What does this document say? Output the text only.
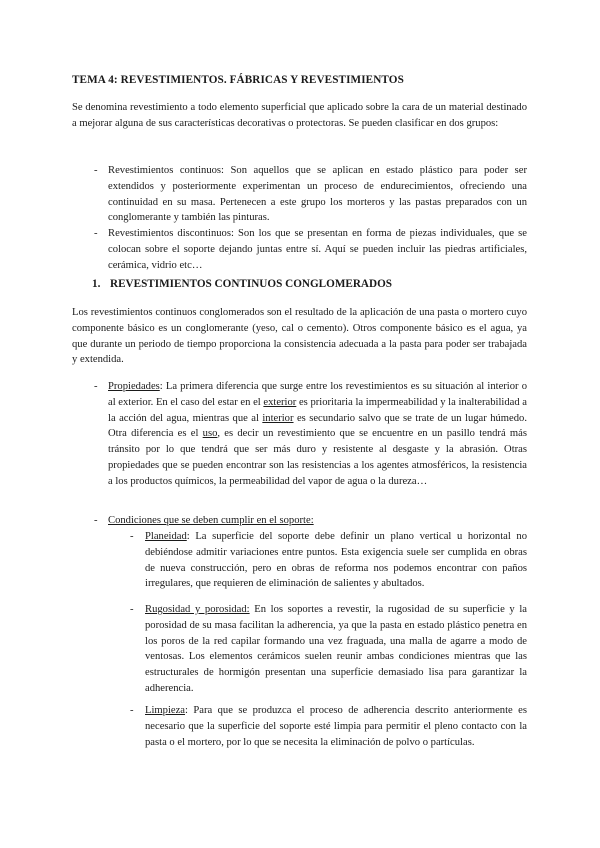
TEMA 4: REVESTIMIENTOS. FÁBRICAS Y REVESTIMIENTOS

Se denomina revestimiento a todo elemento superficial que aplicado sobre la cara de un material destinado a mejorar alguna de sus características decorativas o protectoras. Se pueden clasificar en dos grupos:

- Revestimientos continuos: Son aquellos que se aplican en estado plástico para poder ser extendidos y posteriormente experimentan un proceso de endurecimientos, ofreciendo una continuidad en su masa. Pertenecen a este grupo los morteros y las pastas preparados con un conglomerante y también las pinturas.

- Revestimientos discontinuos: Son los que se presentan en forma de piezas individuales, que se colocan sobre el soporte dejando juntas entre sí. Aquí se pueden incluir las piedras artificiales, cerámica, vidrio etc…

1. REVESTIMIENTOS CONTINUOS CONGLOMERADOS

Los revestimientos continuos conglomerados son el resultado de la aplicación de una pasta o mortero cuyo componente básico es un conglomerante (yeso, cal o cemento). Otros componente básico es el agua, ya que durante un periodo de tiempo proporciona la consistencia adecuada a la pasta para poder ser trabajada y extendida.

- Propiedades: La primera diferencia que surge entre los revestimientos es su situación al interior o al exterior. En el caso del estar en el exterior es prioritaria la impermeabilidad y la inalterabilidad a la acción del agua, mientras que al interior es secundario salvo que se trate de un lugar húmedo. Otra diferencia es el uso, es decir un revestimiento que se encuentre en un pasillo tendrá más tránsito por lo que tendrá que ser más duro y resistente al desgaste y la abrasión. Otras propiedades que se pueden encontrar son las resistencias a los agentes atmosféricos, la resistencia a los productos químicos, la permeabilidad del vapor de agua o la dureza…

- Condiciones que se deben cumplir en el soporte:

- Planeidad: La superficie del soporte debe definir un plano vertical u horizontal no debiéndose admitir variaciones entre puntos. Esta exigencia suele ser cumplida en obras de nueva construcción, pero en obras de reforma nos podemos encontrar con paños irregulares, que requieren de eliminación de salientes y abultados.

- Rugosidad y porosidad: En los soportes a revestir, la rugosidad de su superficie y la porosidad de su masa facilitan la adherencia, ya que la pasta en estado plástico penetra en los poros de la red capilar formando una vez fraguada, una malla de agarre a modo de ventosas. Los elementos cerámicos suelen reunir ambas condiciones mientras que las estructurales de hormigón presentan una superficie demasiado lisa para garantizar la adherencia.

- Limpieza: Para que se produzca el proceso de adherencia descrito anteriormente es necesario que la superficie del soporte esté limpia para permitir el pleno contacto con la pasta o el mortero, por lo que se necesita la eliminación de polvo o partículas.
